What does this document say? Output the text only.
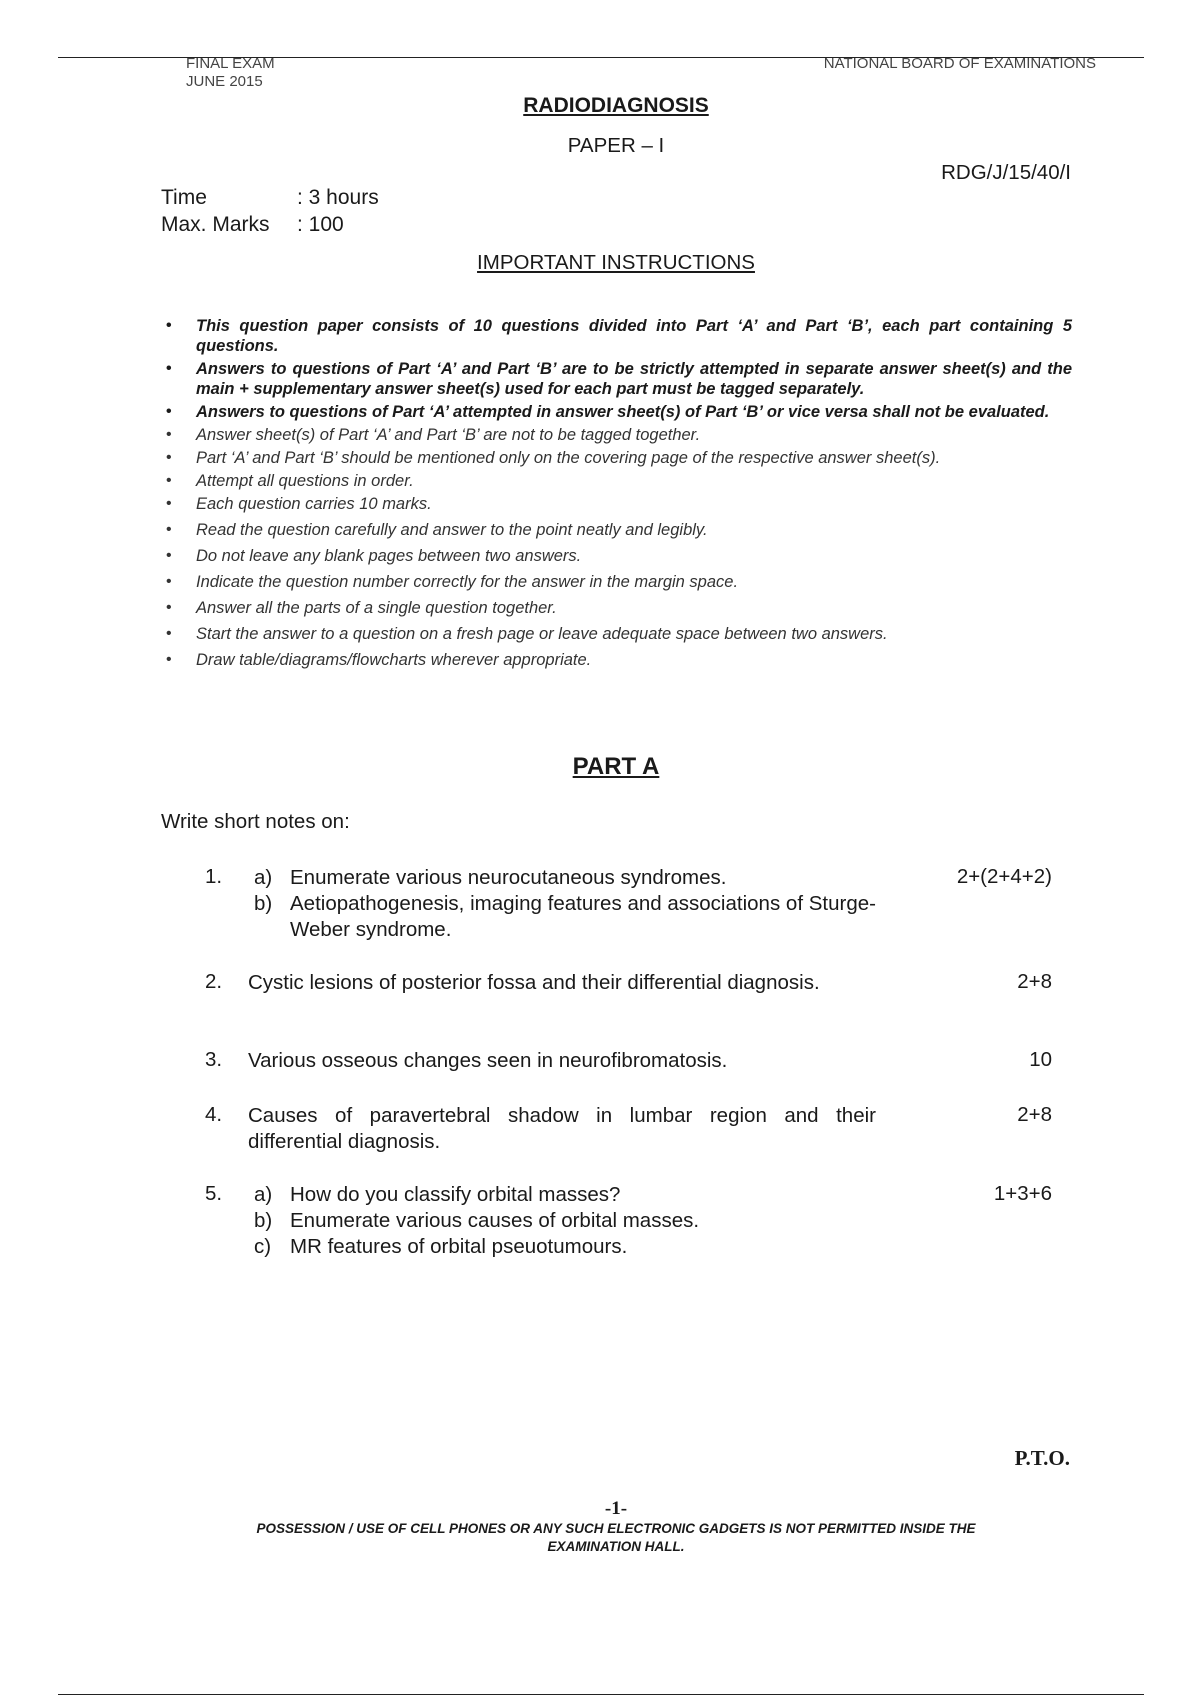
FINAL EXAM
JUNE 2015
NATIONAL BOARD OF EXAMINATIONS
RADIODIAGNOSIS
PAPER – I
RDG/J/15/40/I
Time	: 3 hours
Max. Marks : 100
IMPORTANT INSTRUCTIONS
• This question paper consists of 10 questions divided into Part ‘A’ and Part ‘B’, each part containing 5 questions.
• Answers to questions of Part ‘A’ and Part ‘B’ are to be strictly attempted in separate answer sheet(s) and the main + supplementary answer sheet(s) used for each part must be tagged separately.
• Answers to questions of Part ‘A’ attempted in answer sheet(s) of Part ‘B’ or vice versa shall not be evaluated.
• Answer sheet(s) of Part ‘A’ and Part ‘B’ are not to be tagged together.
• Part ‘A’ and Part ‘B’ should be mentioned only on the covering page of the respective answer sheet(s).
• Attempt all questions in order.
• Each question carries 10 marks.
• Read the question carefully and answer to the point neatly and legibly.
• Do not leave any blank pages between two answers.
• Indicate the question number correctly for the answer in the margin space.
• Answer all the parts of a single question together.
• Start the answer to a question on a fresh page or leave adequate space between two answers.
• Draw table/diagrams/flowcharts wherever appropriate.
PART A
Write short notes on:
1. a) Enumerate various neurocutaneous syndromes.
b) Aetiopathogenesis, imaging features and associations of Sturge-Weber syndrome.
2+(2+4+2)
2. Cystic lesions of posterior fossa and their differential diagnosis.	2+8
3. Various osseous changes seen in neurofibromatosis.	10
4. Causes of paravertebral shadow in lumbar region and their differential diagnosis.
2+8
5. a) How do you classify orbital masses?
b) Enumerate various causes of orbital masses.
c) MR features of orbital pseuotumours.
1+3+6
P.T.O.
-1-
POSSESSION / USE OF CELL PHONES OR ANY SUCH ELECTRONIC GADGETS IS NOT PERMITTED INSIDE THE
EXAMINATION HALL.
